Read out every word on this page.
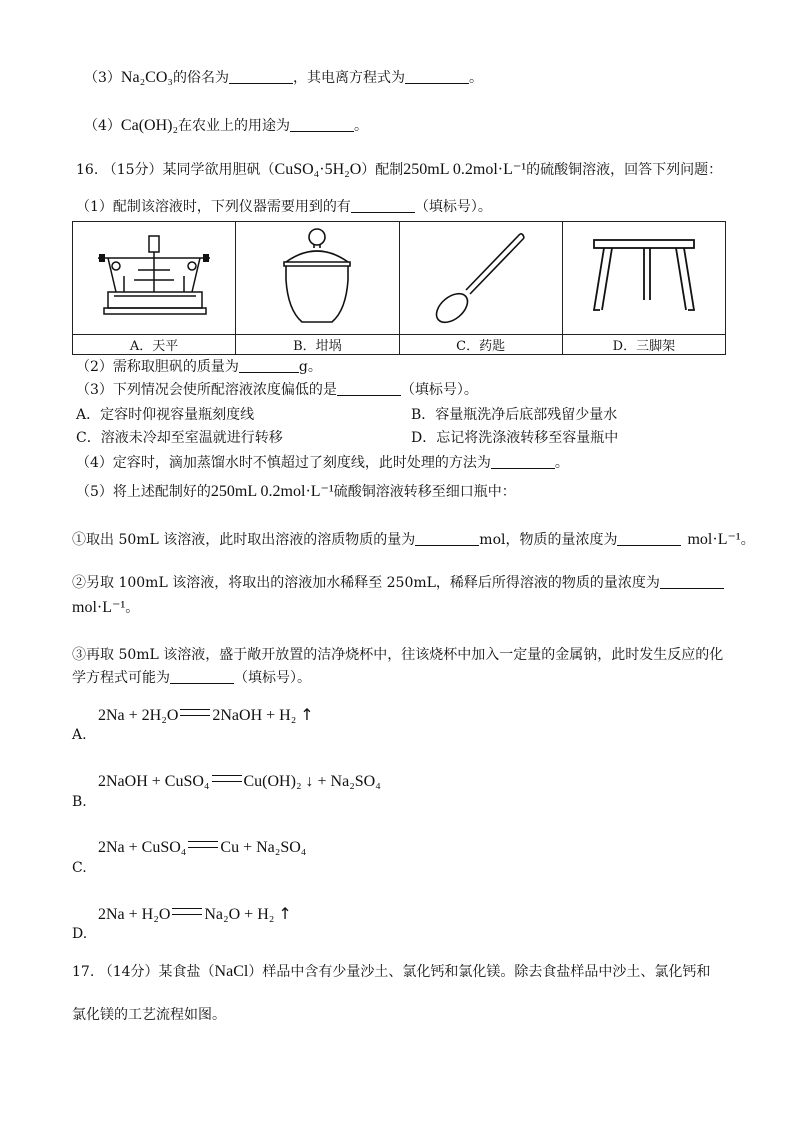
（3）Na₂CO₃的俗名为	，其电离方程式为	。
（4）Ca(OH)₂在农业上的用途为	。
16. （15分）某同学欲用胆矾（CuSO₄·5H₂O）配制250mL 0.2mol·L⁻¹的硫酸铜溶液，回答下列问题：
（1）配制该溶液时，下列仪器需要用到的有	（填标号）。

A．天平	B．坩埚	C．药匙	D．三脚架
（2）需称取胆矾的质量为	g。
（3）下列情况会使所配溶液浓度偏低的是	（填标号）。
A．定容时仰视容量瓶刻度线	B．容量瓶洗净后底部残留少量水
C．溶液未冷却至室温就进行转移	D．忘记将洗涤液转移至容量瓶中
（4）定容时，滴加蒸馏水时不慎超过了刻度线，此时处理的方法为	。
（5）将上述配制好的250mL 0.2mol·L⁻¹硫酸铜溶液转移至细口瓶中：
①取出 50mL 该溶液，此时取出溶液的溶质物质的量为	mol，物质的量浓度为	mol·L⁻¹。
②另取 100mL 该溶液，将取出的溶液加水稀释至 250mL，稀释后所得溶液的物质的量浓度为
mol·L⁻¹。
③再取 50mL 该溶液，盛于敞开放置的洁净烧杯中，往该烧杯中加入一定量的金属钠，此时发生反应的化
学方程式可能为	（填标号）。
2Na + 2H₂O 2NaOH + H₂ ↑
A.
2NaOH + CuSO₄ Cu(OH)₂ ↓ + Na₂SO₄
B.
2Na + CuSO₄ Cu + Na₂SO₄
C.
2Na + H₂O Na₂O + H₂ ↑
D.
17. （14分）某食盐（NaCl）样品中含有少量沙土、氯化钙和氯化镁。除去食盐样品中沙土、氯化钙和
氯化镁的工艺流程如图。
